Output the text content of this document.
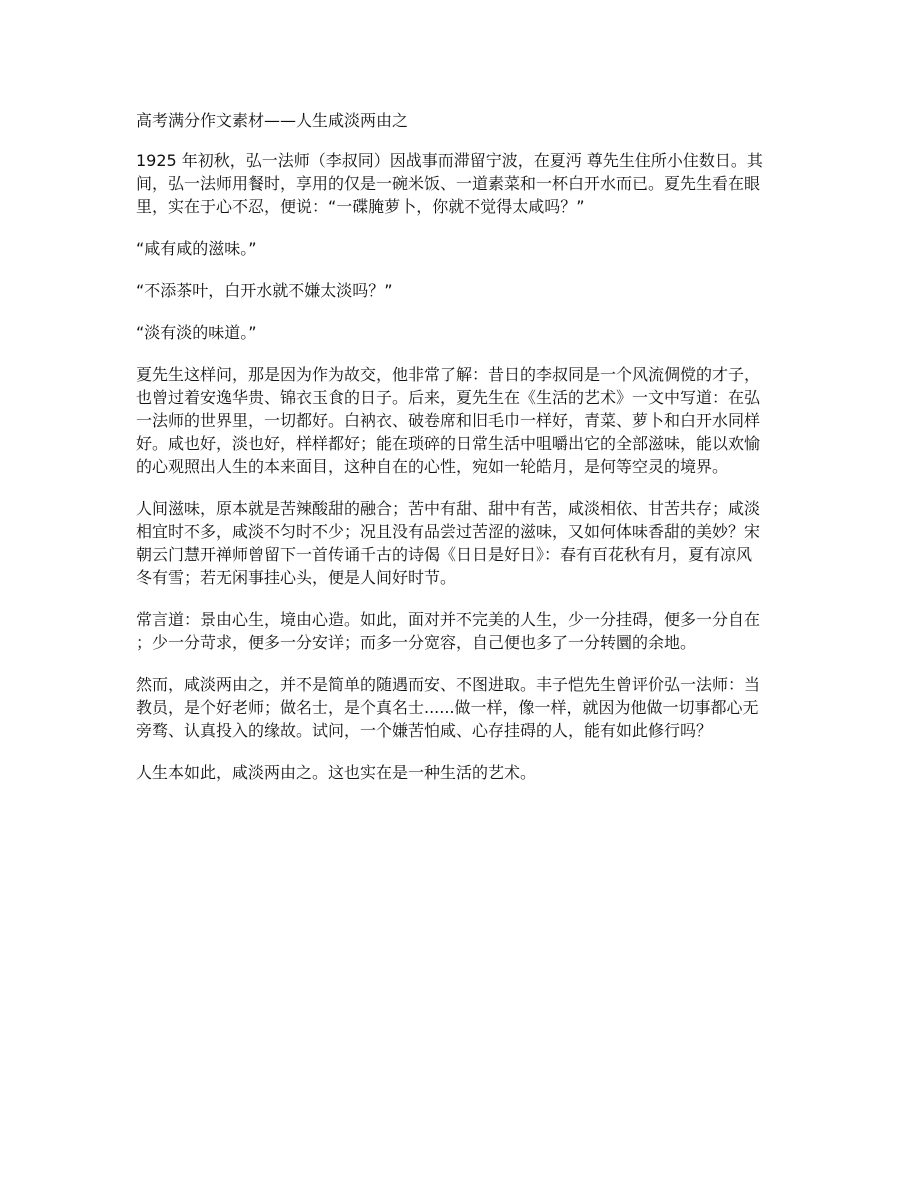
高考满分作文素材——人生咸淡两由之

1925 年初秋，弘一法师（李叔同）因战事而滞留宁波，在夏沔 尊先生住所小住数日。其
间，弘一法师用餐时，享用的仅是一碗米饭、一道素菜和一杯白开水而已。夏先生看在眼
里，实在于心不忍，便说：“一碟腌萝卜，你就不觉得太咸吗？”

“咸有咸的滋味。”

“不添茶叶，白开水就不嫌太淡吗？”

“淡有淡的味道。”

夏先生这样问，那是因为作为故交，他非常了解：昔日的李叔同是一个风流倜傥的才子，
也曾过着安逸华贵、锦衣玉食的日子。后来，夏先生在《生活的艺术》一文中写道：在弘
一法师的世界里，一切都好。白衲衣、破卷席和旧毛巾一样好，青菜、萝卜和白开水同样
好。咸也好，淡也好，样样都好；能在琐碎的日常生活中咀嚼出它的全部滋味，能以欢愉
的心观照出人生的本来面目，这种自在的心性，宛如一轮皓月，是何等空灵的境界。

人间滋味，原本就是苦辣酸甜的融合；苦中有甜、甜中有苦，咸淡相依、甘苦共存；咸淡
相宜时不多，咸淡不匀时不少；况且没有品尝过苦涩的滋味，又如何体味香甜的美妙？宋
朝云门慧开禅师曾留下一首传诵千古的诗偈《日日是好日》：春有百花秋有月，夏有凉风
冬有雪；若无闲事挂心头，便是人间好时节。

常言道：景由心生，境由心造。如此，面对并不完美的人生，少一分挂碍，便多一分自在
；少一分苛求，便多一分安详；而多一分宽容，自己便也多了一分转圜的余地。

然而，咸淡两由之，并不是简单的随遇而安、不图进取。丰子恺先生曾评价弘一法师：当
教员，是个好老师；做名士，是个真名士......做一样，像一样，就因为他做一切事都心无
旁骛、认真投入的缘故。试问，一个嫌苦怕咸、心存挂碍的人，能有如此修行吗？

人生本如此，咸淡两由之。这也实在是一种生活的艺术。
